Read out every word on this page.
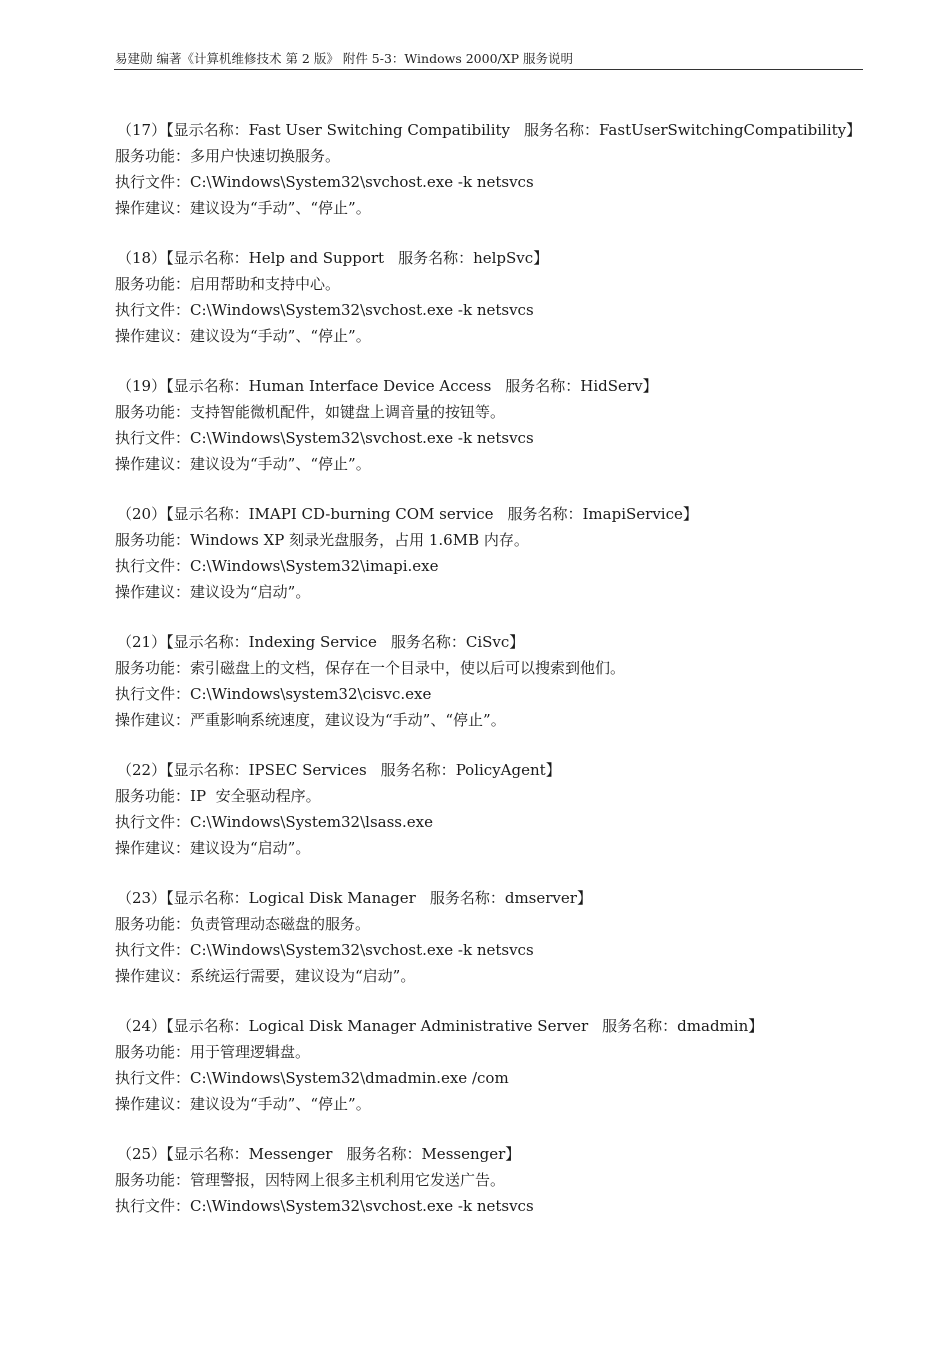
易建勋 编著《计算机维修技术 第 2 版》 附件 5-3：Windows 2000/XP 服务说明
（17）【显示名称：Fast User Switching Compatibility 服务名称：FastUserSwitchingCompatibility】
服务功能：多用户快速切换服务。
执行文件：C:\Windows\System32\svchost.exe -k netsvcs
操作建议：建议设为“手动”、“停止”。
（18）【显示名称：Help and Support 服务名称：helpSvc】
服务功能：启用帮助和支持中心。
执行文件：C:\Windows\System32\svchost.exe -k netsvcs
操作建议：建议设为“手动”、“停止”。
（19）【显示名称：Human Interface Device Access 服务名称：HidServ】
服务功能：支持智能微机配件，如键盘上调音量的按钮等。
执行文件：C:\Windows\System32\svchost.exe -k netsvcs
操作建议：建议设为“手动”、“停止”。
（20）【显示名称：IMAPI CD-burning COM service 服务名称：ImapiService】
服务功能：Windows XP 刻录光盘服务，占用 1.6MB 内存。
执行文件：C:\Windows\System32\imapi.exe
操作建议：建议设为“启动”。
（21）【显示名称：Indexing Service 服务名称：CiSvc】
服务功能：索引磁盘上的文档，保存在一个目录中，使以后可以搜索到他们。
执行文件：C:\Windows\system32\cisvc.exe
操作建议：严重影响系统速度，建议设为“手动”、“停止”。
（22）【显示名称：IPSEC Services 服务名称：PolicyAgent】
服务功能：IP  安全驱动程序。
执行文件：C:\Windows\System32\lsass.exe
操作建议：建议设为“启动”。
（23）【显示名称：Logical Disk Manager 服务名称：dmserver】
服务功能：负责管理动态磁盘的服务。
执行文件：C:\Windows\System32\svchost.exe -k netsvcs
操作建议：系统运行需要，建议设为“启动”。
（24）【显示名称：Logical Disk Manager Administrative Server 服务名称：dmadmin】
服务功能：用于管理逻辑盘。
执行文件：C:\Windows\System32\dmadmin.exe /com
操作建议：建议设为“手动”、“停止”。
（25）【显示名称：Messenger 服务名称：Messenger】
服务功能：管理警报，因特网上很多主机利用它发送广告。
执行文件：C:\Windows\System32\svchost.exe -k netsvcs
